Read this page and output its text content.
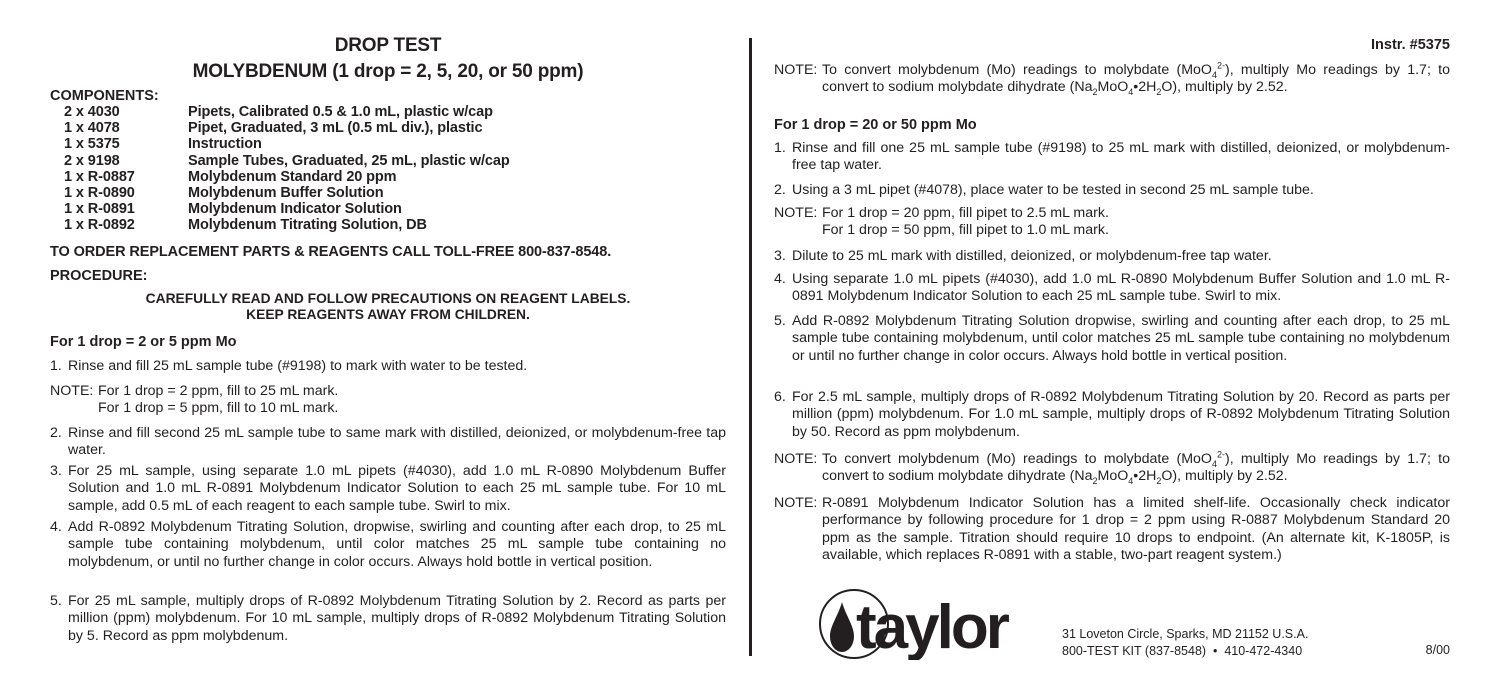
DROP TEST
MOLYBDENUM (1 drop = 2, 5, 20, or 50 ppm)
COMPONENTS:
2 x 4030	Pipets, Calibrated 0.5 & 1.0 mL, plastic w/cap
1 x 4078	Pipet, Graduated, 3 mL (0.5 mL div.), plastic
1 x 5375	Instruction
2 x 9198	Sample Tubes, Graduated, 25 mL, plastic w/cap
1 x R-0887	Molybdenum Standard 20 ppm
1 x R-0890	Molybdenum Buffer Solution
1 x R-0891	Molybdenum Indicator Solution
1 x R-0892	Molybdenum Titrating Solution, DB
TO ORDER REPLACEMENT PARTS & REAGENTS CALL TOLL-FREE 800-837-8548.
PROCEDURE:
CAREFULLY READ AND FOLLOW PRECAUTIONS ON REAGENT LABELS.
KEEP REAGENTS AWAY FROM CHILDREN.
For 1 drop = 2 or 5 ppm Mo
1. Rinse and fill 25 mL sample tube (#9198) to mark with water to be tested.
NOTE: For 1 drop = 2 ppm, fill to 25 mL mark.
For 1 drop = 5 ppm, fill to 10 mL mark.
2. Rinse and fill second 25 mL sample tube to same mark with distilled, deionized, or molybdenum-free tap water.
3. For 25 mL sample, using separate 1.0 mL pipets (#4030), add 1.0 mL R-0890 Molybdenum Buffer Solution and 1.0 mL R-0891 Molybdenum Indicator Solution to each 25 mL sample tube. For 10 mL sample, add 0.5 mL of each reagent to each sample tube. Swirl to mix.
4. Add R-0892 Molybdenum Titrating Solution, dropwise, swirling and counting after each drop, to 25 mL sample tube containing molybdenum, until color matches 25 mL sample tube containing no molybdenum, or until no further change in color occurs. Always hold bottle in vertical position.
5. For 25 mL sample, multiply drops of R-0892 Molybdenum Titrating Solution by 2. Record as parts per million (ppm) molybdenum. For 10 mL sample, multiply drops of R-0892 Molybdenum Titrating Solution by 5. Record as ppm molybdenum.
Instr. #5375
NOTE: To convert molybdenum (Mo) readings to molybdate (MoO$_4^{2-}$), multiply Mo readings by 1.7; to convert to sodium molybdate dihydrate $(Na_2MoO_4•2H_2O)$, multiply by 2.52.
For 1 drop = 20 or 50 ppm Mo
1. Rinse and fill one 25 mL sample tube (#9198) to 25 mL mark with distilled, deionized, or molybdenum-free tap water.
2. Using a 3 mL pipet (#4078), place water to be tested in second 25 mL sample tube.
NOTE: For 1 drop = 20 ppm, fill pipet to 2.5 mL mark.
For 1 drop = 50 ppm, fill pipet to 1.0 mL mark.
3. Dilute to 25 mL mark with distilled, deionized, or molybdenum-free tap water.
4. Using separate 1.0 mL pipets (#4030), add 1.0 mL R-0890 Molybdenum Buffer Solution and 1.0 mL R-0891 Molybdenum Indicator Solution to each 25 mL sample tube. Swirl to mix.
5. Add R-0892 Molybdenum Titrating Solution dropwise, swirling and counting after each drop, to 25 mL sample tube containing molybdenum, until color matches 25 mL sample tube containing no molybdenum or until no further change in color occurs. Always hold bottle in vertical position.
6. For 2.5 mL sample, multiply drops of R-0892 Molybdenum Titrating Solution by 20. Record as parts per million (ppm) molybdenum. For 1.0 mL sample, multiply drops of R-0892 Molybdenum Titrating Solution by 50. Record as ppm molybdenum.
NOTE: To convert molybdenum (Mo) readings to molybdate (MoO$_4^{2-}$), multiply Mo readings by 1.7; to convert to sodium molybdate dihydrate $(Na_2MoO_4•2H_2O)$, multiply by 2.52.
NOTE: R-0891 Molybdenum Indicator Solution has a limited shelf-life. Occasionally check indicator performance by following procedure for 1 drop = 2 ppm using R-0887 Molybdenum Standard 20 ppm as the sample. Titration should require 10 drops to endpoint. (An alternate kit, K-1805P, is available, which replaces R-0891 with a stable, two-part reagent system.)
taylor	31 Loveton Circle, Sparks, MD 21152 U.S.A.
800-TEST KIT (837-8548)  •  410-472-4340	8/00
